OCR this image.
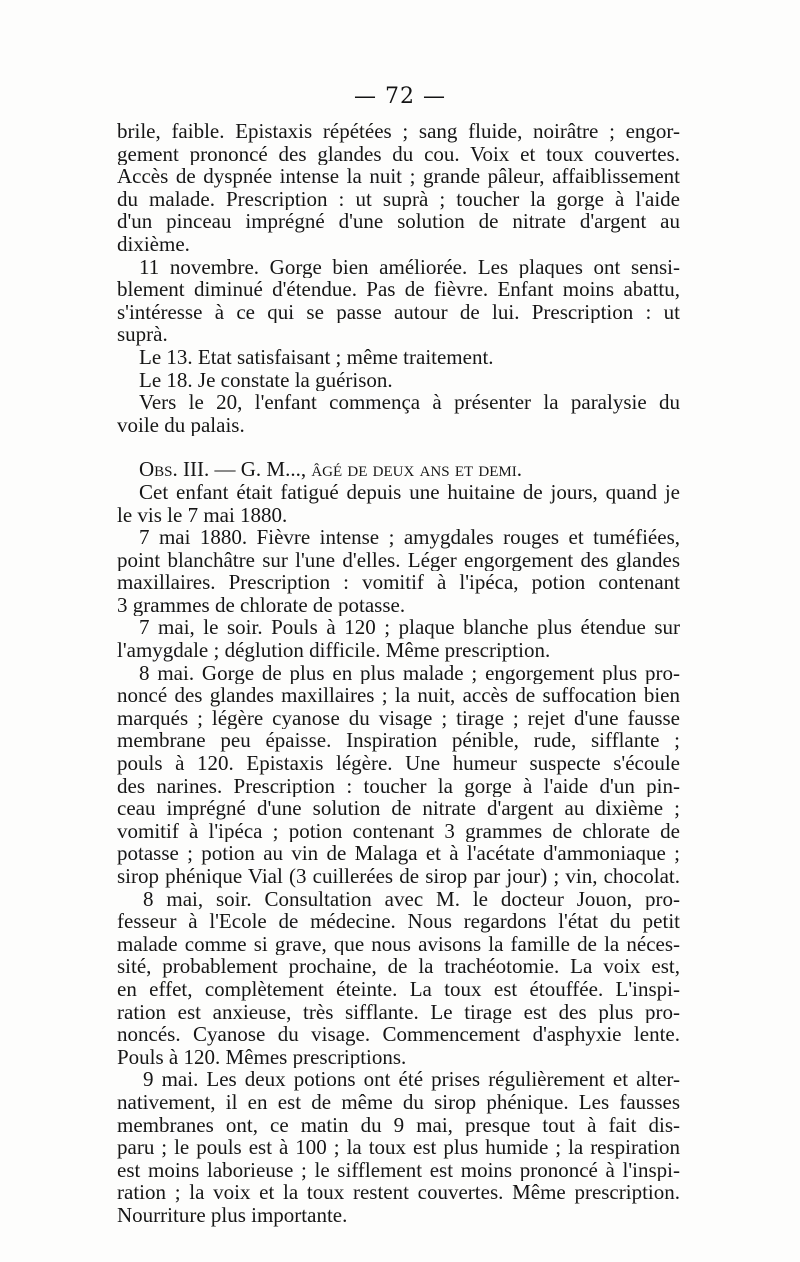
— 72 —
brile, faible. Epistaxis répétées ; sang fluide, noirâtre ; engor-
gement prononcé des glandes du cou. Voix et toux couvertes.
Accès de dyspnée intense la nuit ; grande pâleur, affaiblissement
du malade. Prescription : ut suprà ; toucher la gorge à l'aide
d'un pinceau imprégné d'une solution de nitrate d'argent au
dixième.
11 novembre. Gorge bien améliorée. Les plaques ont sensi-
blement diminué d'étendue. Pas de fièvre. Enfant moins abattu,
s'intéresse à ce qui se passe autour de lui. Prescription : ut
suprà.
Le 13. Etat satisfaisant ; même traitement.
Le 18. Je constate la guérison.
Vers le 20, l'enfant commença à présenter la paralysie du
voile du palais.
Obs. III. — G. M..., âgé de deux ans et demi.
Cet enfant était fatigué depuis une huitaine de jours, quand je
le vis le 7 mai 1880.
7 mai 1880. Fièvre intense ; amygdales rouges et tuméfiées,
point blanchâtre sur l'une d'elles. Léger engorgement des glandes
maxillaires. Prescription : vomitif à l'ipéca, potion contenant
3 grammes de chlorate de potasse.
7 mai, le soir. Pouls à 120 ; plaque blanche plus étendue sur
l'amygdale ; déglution difficile. Même prescription.
8 mai. Gorge de plus en plus malade ; engorgement plus pro-
noncé des glandes maxillaires ; la nuit, accès de suffocation bien
marqués ; légère cyanose du visage ; tirage ; rejet d'une fausse
membrane peu épaisse. Inspiration pénible, rude, sifflante ;
pouls à 120. Epistaxis légère. Une humeur suspecte s'écoule
des narines. Prescription : toucher la gorge à l'aide d'un pin-
ceau imprégné d'une solution de nitrate d'argent au dixième ;
vomitif à l'ipéca ; potion contenant 3 grammes de chlorate de
potasse ; potion au vin de Malaga et à l'acétate d'ammoniaque ;
sirop phénique Vial (3 cuillerées de sirop par jour) ; vin, chocolat.
8 mai, soir. Consultation avec M. le docteur Jouon, pro-
fesseur à l'Ecole de médecine. Nous regardons l'état du petit
malade comme si grave, que nous avisons la famille de la néces-
sité, probablement prochaine, de la trachéotomie. La voix est,
en effet, complètement éteinte. La toux est étouffée. L'inspi-
ration est anxieuse, très sifflante. Le tirage est des plus pro-
noncés. Cyanose du visage. Commencement d'asphyxie lente.
Pouls à 120. Mêmes prescriptions.
9 mai. Les deux potions ont été prises régulièrement et alter-
nativement, il en est de même du sirop phénique. Les fausses
membranes ont, ce matin du 9 mai, presque tout à fait dis-
paru ; le pouls est à 100 ; la toux est plus humide ; la respiration
est moins laborieuse ; le sifflement est moins prononcé à l'inspi-
ration ; la voix et la toux restent couvertes. Même prescription.
Nourriture plus importante.
